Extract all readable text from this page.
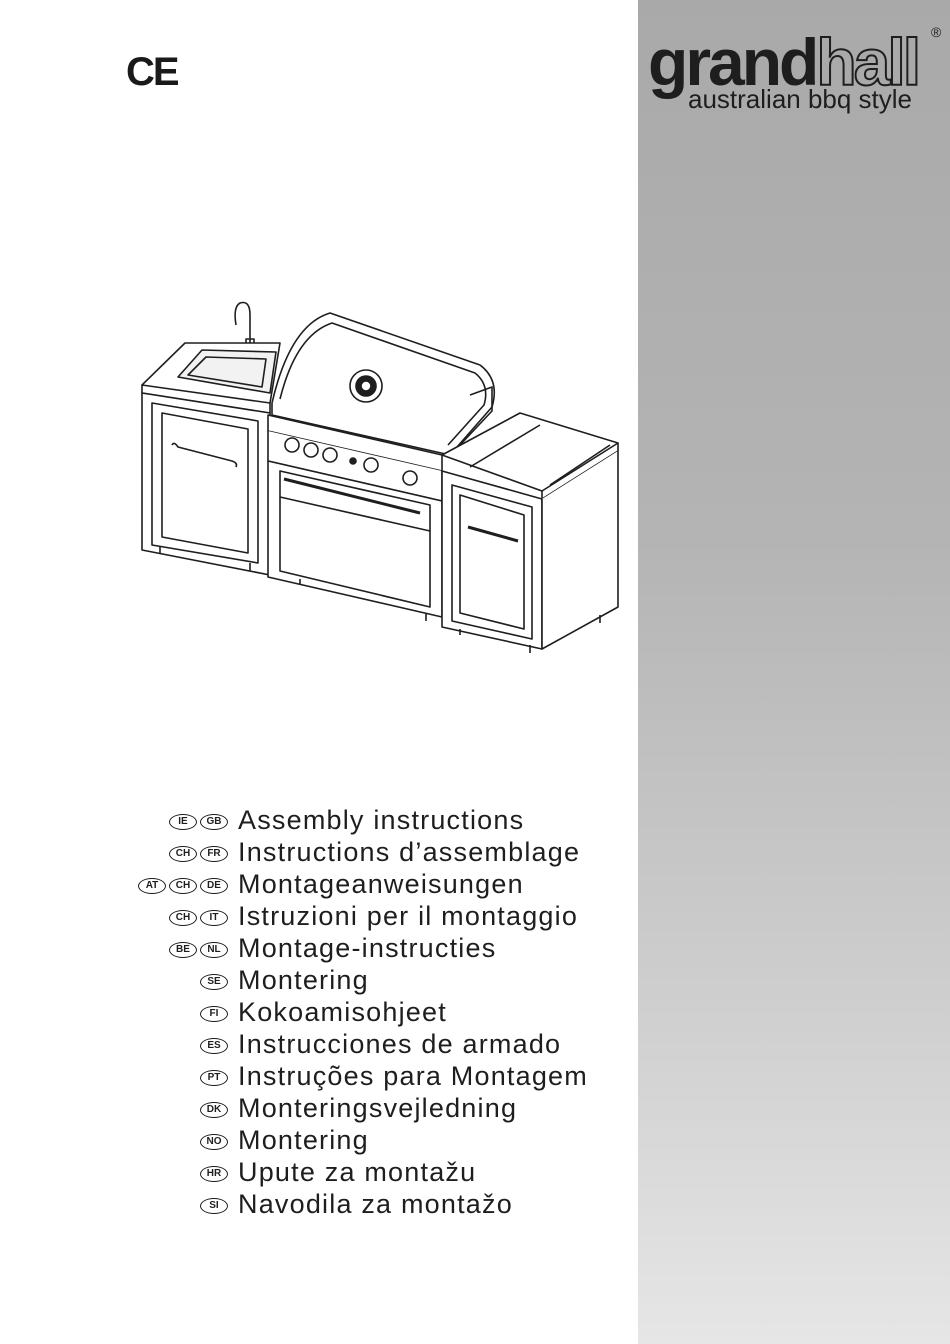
CE	grandhall ®
australian bbq style
IE	GB Assembly instructions
CH	FR Instructions d’assemblage
AT	CH	DE Montageanweisungen
CH	IT Istruzioni per il montaggio
BE	NL Montage-instructies
SE Montering
FI Kokoamisohjeet
ES Instrucciones de armado
PT Instruções para Montagem
DK Monteringsvejledning
NO Montering
HR Upute za montažu
SI Navodila za montažo
